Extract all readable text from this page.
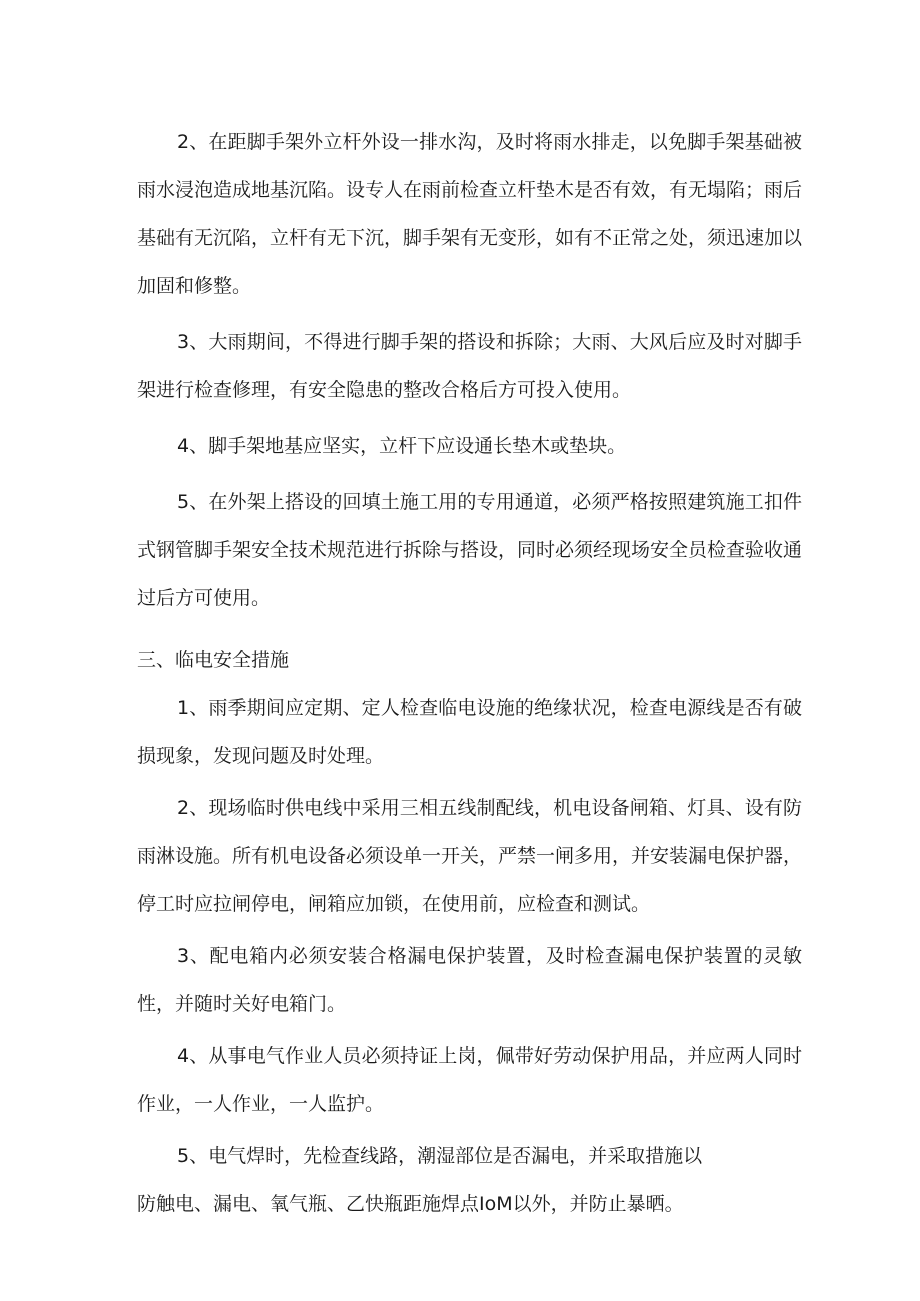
2、在距脚手架外立杆外设一排水沟，及时将雨水排走，以免脚手架基础被雨水浸泡造成地基沉陷。设专人在雨前检查立杆垫木是否有效，有无塌陷；雨后基础有无沉陷，立杆有无下沉，脚手架有无变形，如有不正常之处，须迅速加以加固和修整。

3、大雨期间，不得进行脚手架的搭设和拆除；大雨、大风后应及时对脚手架进行检查修理，有安全隐患的整改合格后方可投入使用。

4、脚手架地基应坚实，立杆下应设通长垫木或垫块。

5、在外架上搭设的回填土施工用的专用通道，必须严格按照建筑施工扣件式钢管脚手架安全技术规范进行拆除与搭设，同时必须经现场安全员检查验收通过后方可使用。

三、临电安全措施

1、雨季期间应定期、定人检查临电设施的绝缘状况，检查电源线是否有破损现象，发现问题及时处理。

2、现场临时供电线中采用三相五线制配线，机电设备闸箱、灯具、设有防雨淋设施。所有机电设备必须设单一开关，严禁一闸多用，并安装漏电保护器，停工时应拉闸停电，闸箱应加锁，在使用前，应检查和测试。

3、配电箱内必须安装合格漏电保护装置，及时检查漏电保护装置的灵敏性，并随时关好电箱门。

4、从事电气作业人员必须持证上岗，佩带好劳动保护用品，并应两人同时作业，一人作业，一人监护。

5、电气焊时，先检查线路，潮湿部位是否漏电，并采取措施以

防触电、漏电、氧气瓶、乙快瓶距施焊点IoM以外，并防止暴晒。
